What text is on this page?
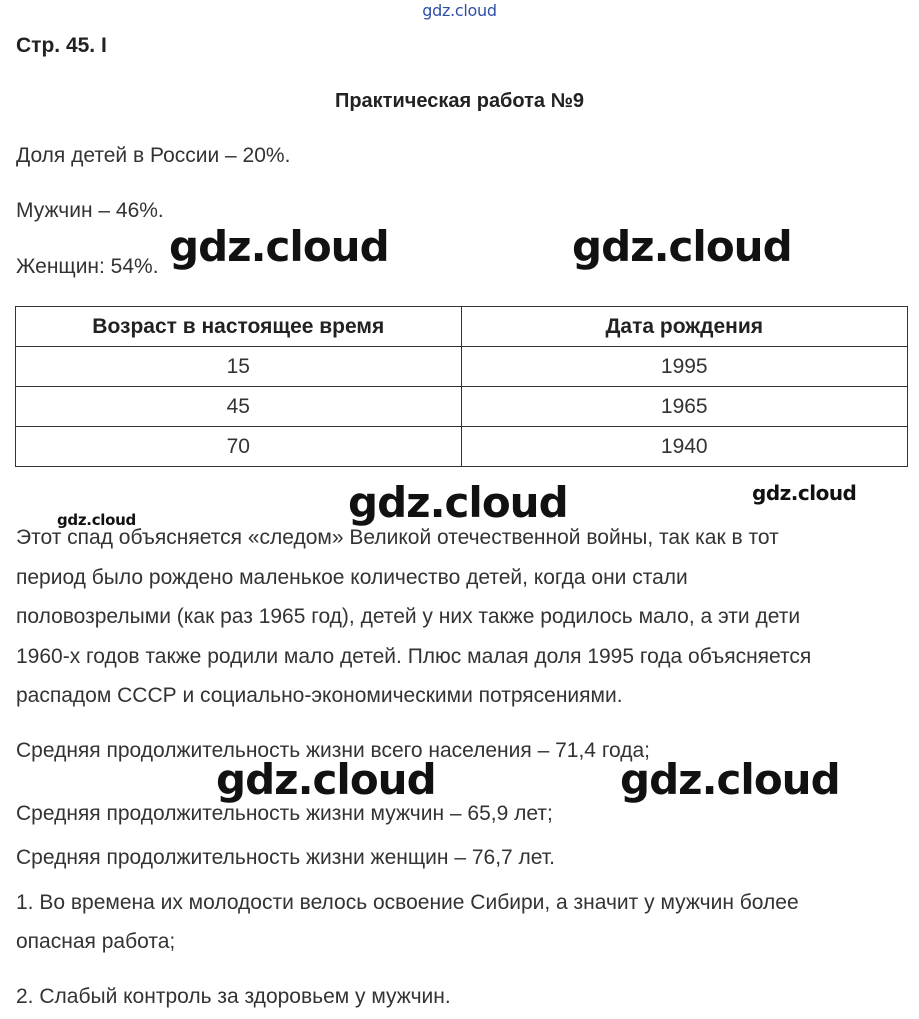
gdz.cloud
Стр. 45. I
Практическая работа №9
Доля детей в России – 20%.
Мужчин – 46%.
Женщин: 54%. gdz.cloud	gdz.cloud
Возраст в настоящее время	Дата рождения
15	1995
45	1965
70	1940
gdz.cloud	gdz.cloud
gdz.cloud
Этот спад объясняется «следом» Великой отечественной войны, так как в тот
период было рождено маленькое количество детей, когда они стали
половозрелыми (как раз 1965 год), детей у них также родилось мало, а эти дети
1960-х годов также родили мало детей. Плюс малая доля 1995 года объясняется
распадом СССР и социально-экономическими потрясениями.
Средняя продолжительность жизни всего населения – 71,4 года;
gdz.cloud	gdz.cloud
Средняя продолжительность жизни мужчин – 65,9 лет;
Средняя продолжительность жизни женщин – 76,7 лет.
1. Во времена их молодости велось освоение Сибири, а значит у мужчин более
опасная работа;
2. Слабый контроль за здоровьем у мужчин.
